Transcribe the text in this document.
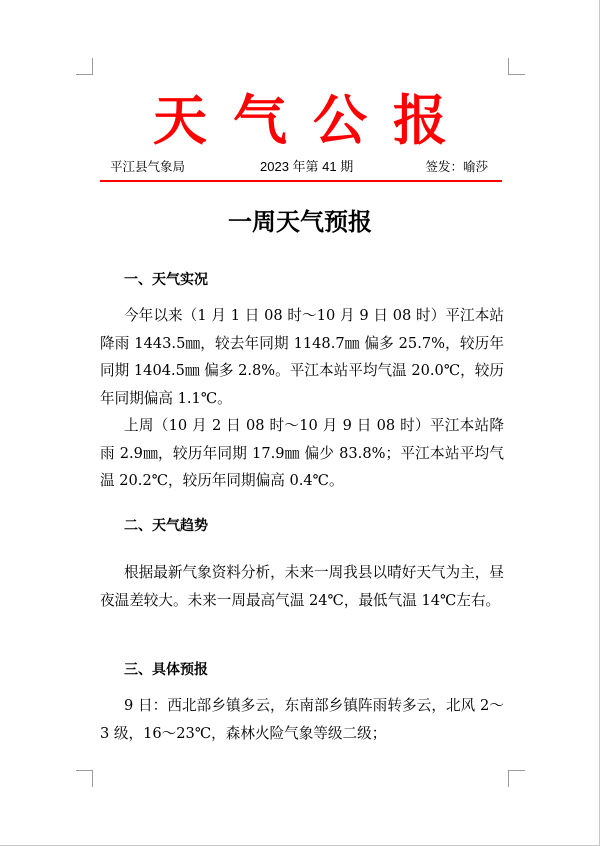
天气公报
平江县气象局	2023 年第 41 期	签发：喻莎
一周天气预报
一、天气实况

今年以来（1 月 1 日 08 时～10 月 9 日 08 时）平江本站降雨 1443.5㎜，较去年同期 1148.7㎜ 偏多 25.7%，较历年同期 1404.5㎜ 偏多 2.8%。平江本站平均气温 20.0℃，较历年同期偏高 1.1℃。

上周（10 月 2 日 08 时～10 月 9 日 08 时）平江本站降雨 2.9㎜，较历年同期 17.9㎜ 偏少 83.8%；平江本站平均气温 20.2℃，较历年同期偏高 0.4℃。

二、天气趋势

根据最新气象资料分析，未来一周我县以晴好天气为主，昼夜温差较大。未来一周最高气温 24℃，最低气温 14℃左右。

三、具体预报

9 日：西北部乡镇多云，东南部乡镇阵雨转多云，北风 2～3 级，16～23℃，森林火险气象等级二级；
